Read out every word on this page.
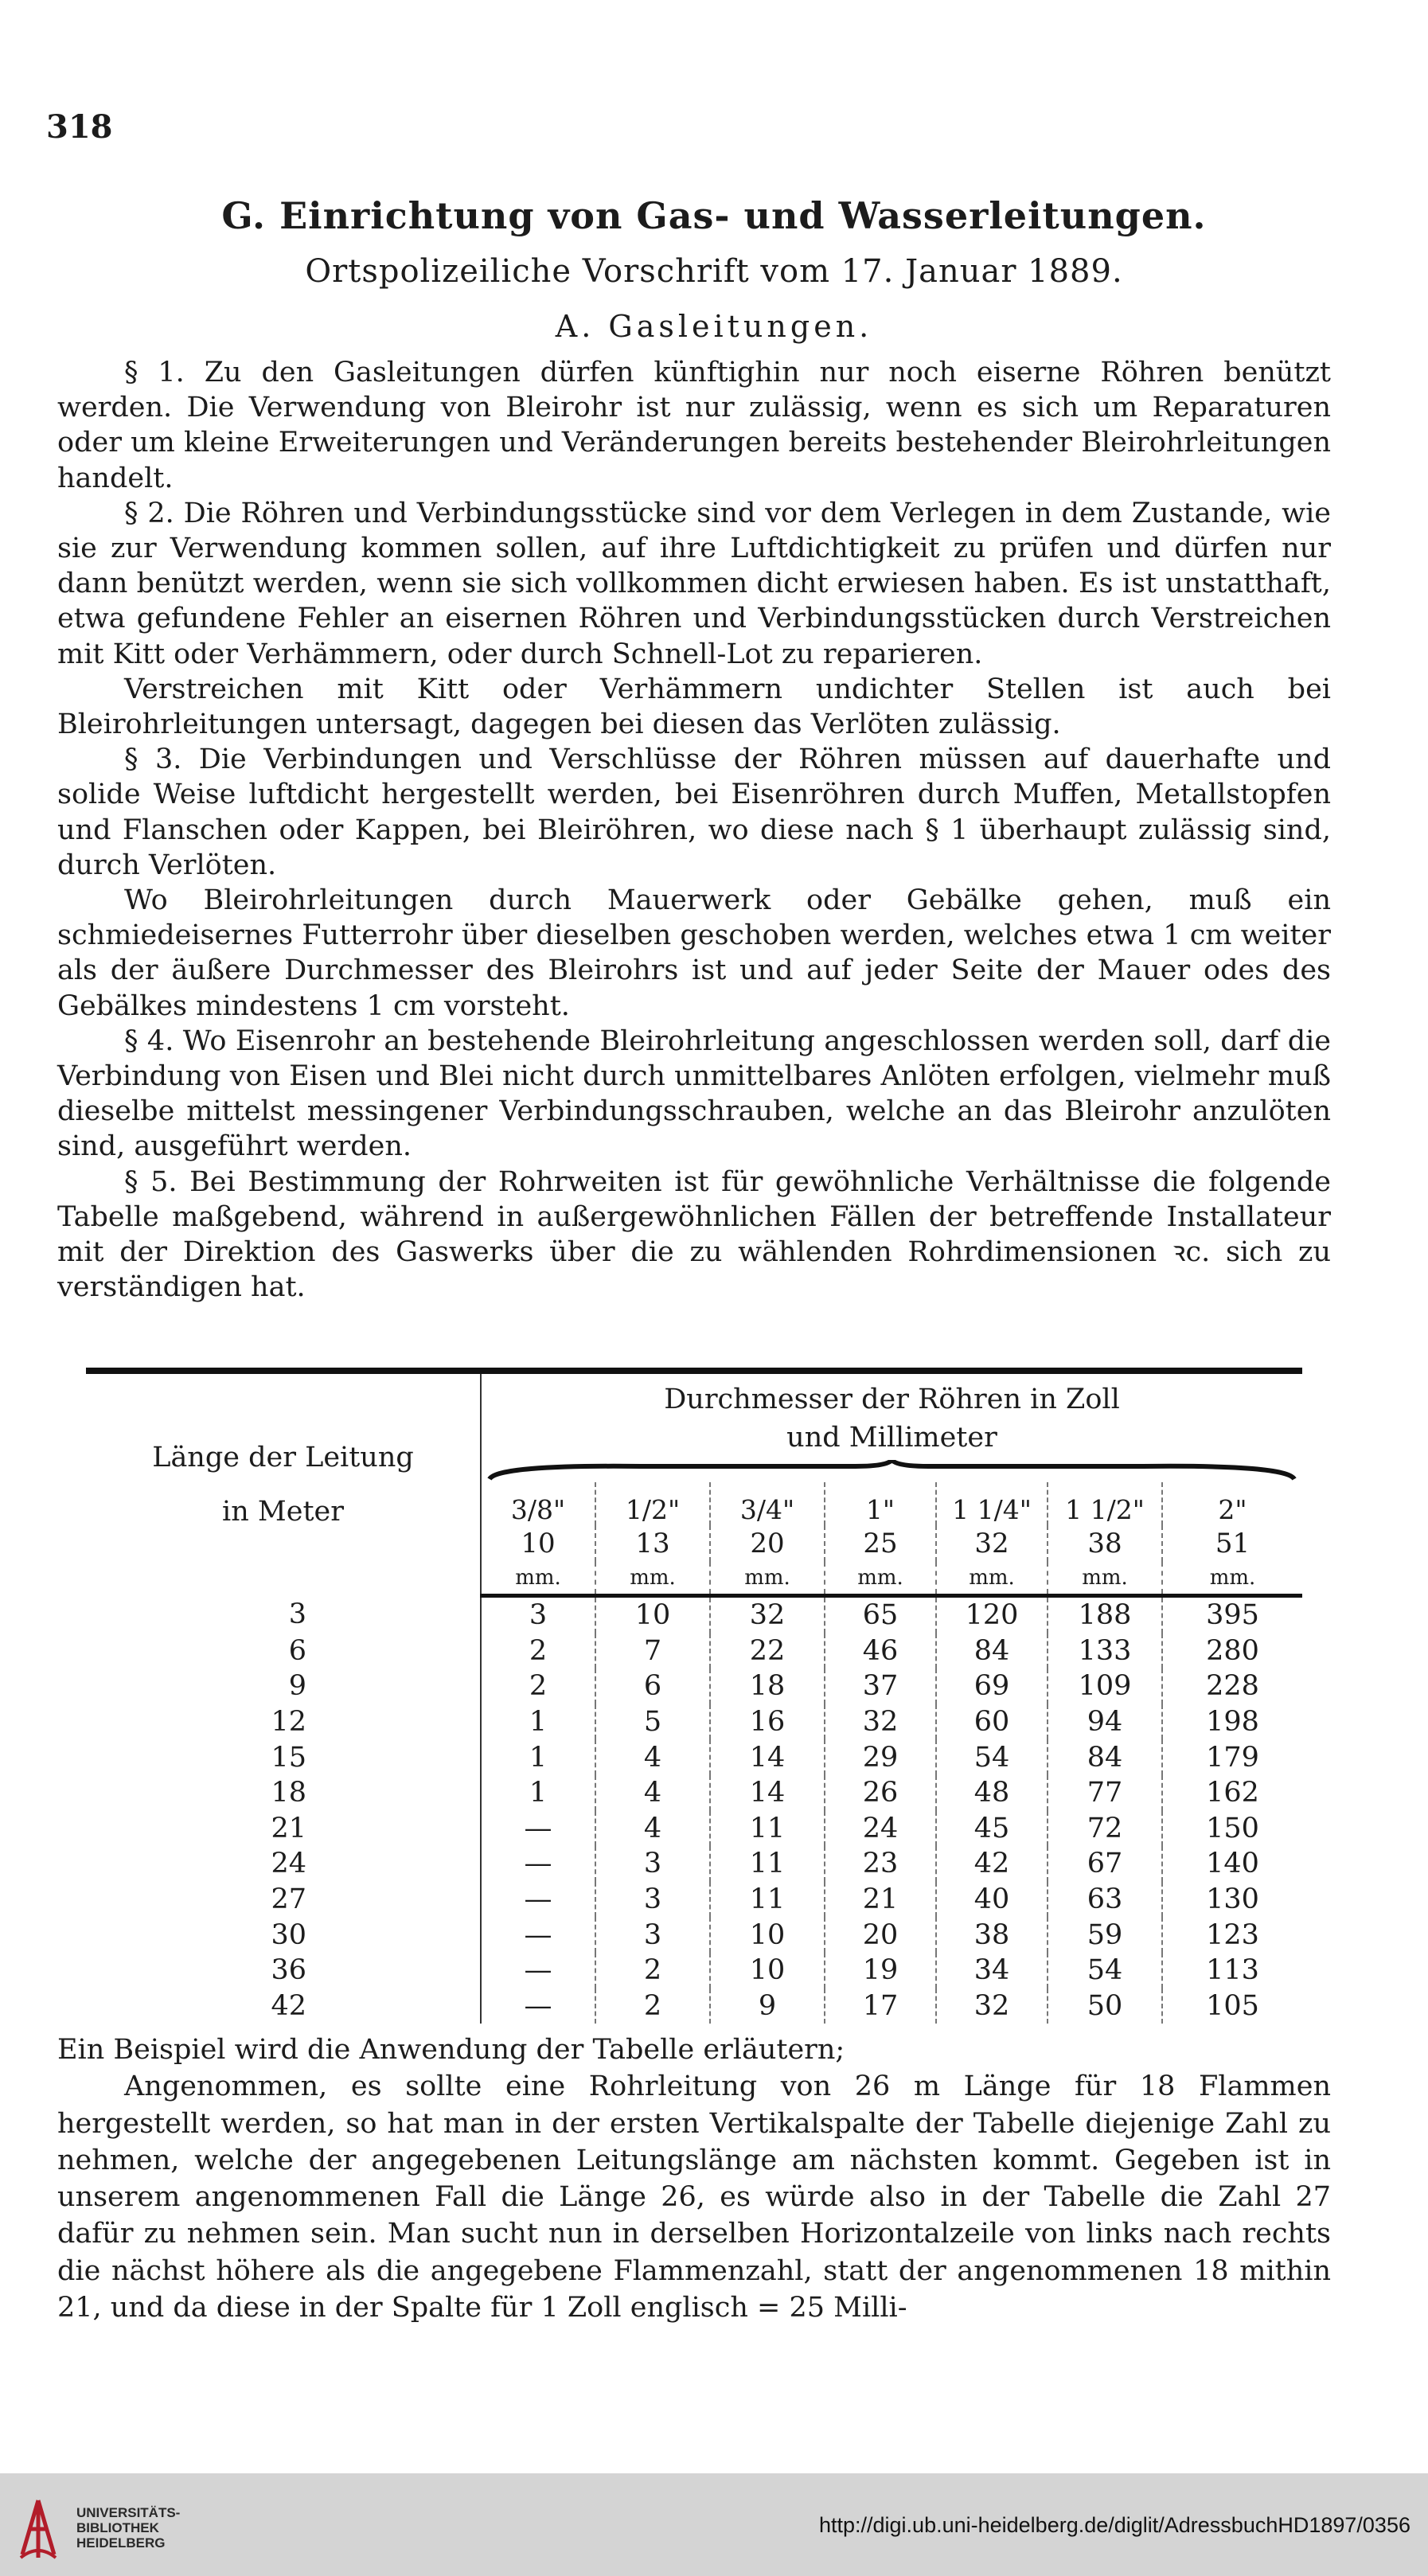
318
G. Einrichtung von Gas- und Wasserleitungen.
Ortspolizeiliche Vorschrift vom 17. Januar 1889.
A. Gasleitungen.

§ 1. Zu den Gasleitungen dürfen künftighin nur noch eiserne Röhren benützt werden. Die Verwendung von Bleirohr ist nur zulässig, wenn es sich um Reparaturen oder um kleine Erweiterungen und Veränderungen bereits bestehender Bleirohrleitungen handelt.

§ 2. Die Röhren und Verbindungsstücke sind vor dem Verlegen in dem Zustande, wie sie zur Verwendung kommen sollen, auf ihre Luftdichtigkeit zu prüfen und dürfen nur dann benützt werden, wenn sie sich vollkommen dicht erwiesen haben. Es ist unstatthaft, etwa gefundene Fehler an eisernen Röhren und Verbindungsstücken durch Verstreichen mit Kitt oder Verhämmern, oder durch Schnell-Lot zu reparieren.

Verstreichen mit Kitt oder Verhämmern undichter Stellen ist auch bei Bleirohrleitungen untersagt, dagegen bei diesen das Verlöten zulässig.

§ 3. Die Verbindungen und Verschlüsse der Röhren müssen auf dauerhafte und solide Weise luftdicht hergestellt werden, bei Eisenröhren durch Muffen, Metallstopfen und Flanschen oder Kappen, bei Bleiröhren, wo diese nach § 1 überhaupt zulässig sind, durch Verlöten.

Wo Bleirohrleitungen durch Mauerwerk oder Gebälke gehen, muß ein schmiedeisernes Futterrohr über dieselben geschoben werden, welches etwa 1 cm weiter als der äußere Durchmesser des Bleirohrs ist und auf jeder Seite der Mauer odes des Gebälkes mindestens 1 cm vorsteht.

§ 4. Wo Eisenrohr an bestehende Bleirohrleitung angeschlossen werden soll, darf die Verbindung von Eisen und Blei nicht durch unmittelbares Anlöten erfolgen, vielmehr muß dieselbe mittelst messingener Verbindungsschrauben, welche an das Bleirohr anzulöten sind, ausgeführt werden.

§ 5. Bei Bestimmung der Rohrweiten ist für gewöhnliche Verhältnisse die folgende Tabelle maßgebend, während in außergewöhnlichen Fällen der betreffende Installateur mit der Direktion des Gaswerks über die zu wählenden Rohrdimensionen ꝛc. sich zu verständigen hat.

Länge der Leitung
in Meter	Durchmesser der Röhren in Zoll
und Millimeter						

	3/8"	1/2"	3/4"	1"	1 1/4"	1 1/2"	2"
	10	13	20	25	32	38	51
	mm.	mm.	mm.	mm.	mm.	mm.	mm.
3	3	10	32	65	120	188	395
6	2	7	22	46	84	133	280
9	2	6	18	37	69	109	228
12	1	5	16	32	60	94	198
15	1	4	14	29	54	84	179
18	1	4	14	26	48	77	162
21	—	4	11	24	45	72	150
24	—	3	11	23	42	67	140
27	—	3	11	21	40	63	130
30	—	3	10	20	38	59	123
36	—	2	10	19	34	54	113
42	—	2	9	17	32	50	105

Ein Beispiel wird die Anwendung der Tabelle erläutern;

Angenommen, es sollte eine Rohrleitung von 26 m Länge für 18 Flammen hergestellt werden, so hat man in der ersten Vertikalspalte der Tabelle diejenige Zahl zu nehmen, welche der angegebenen Leitungslänge am nächsten kommt. Gegeben ist in unserem angenommenen Fall die Länge 26, es würde also in der Tabelle die Zahl 27 dafür zu nehmen sein. Man sucht nun in derselben Horizontalzeile von links nach rechts die nächst höhere als die angegebene Flammenzahl, statt der angenommenen 18 mithin 21, und da diese in der Spalte für 1 Zoll englisch = 25 Milli-

UNIVERSITÄTS-
BIBLIOTHEK
HEIDELBERG
http://digi.ub.uni-heidelberg.de/diglit/AdressbuchHD1897/0356
